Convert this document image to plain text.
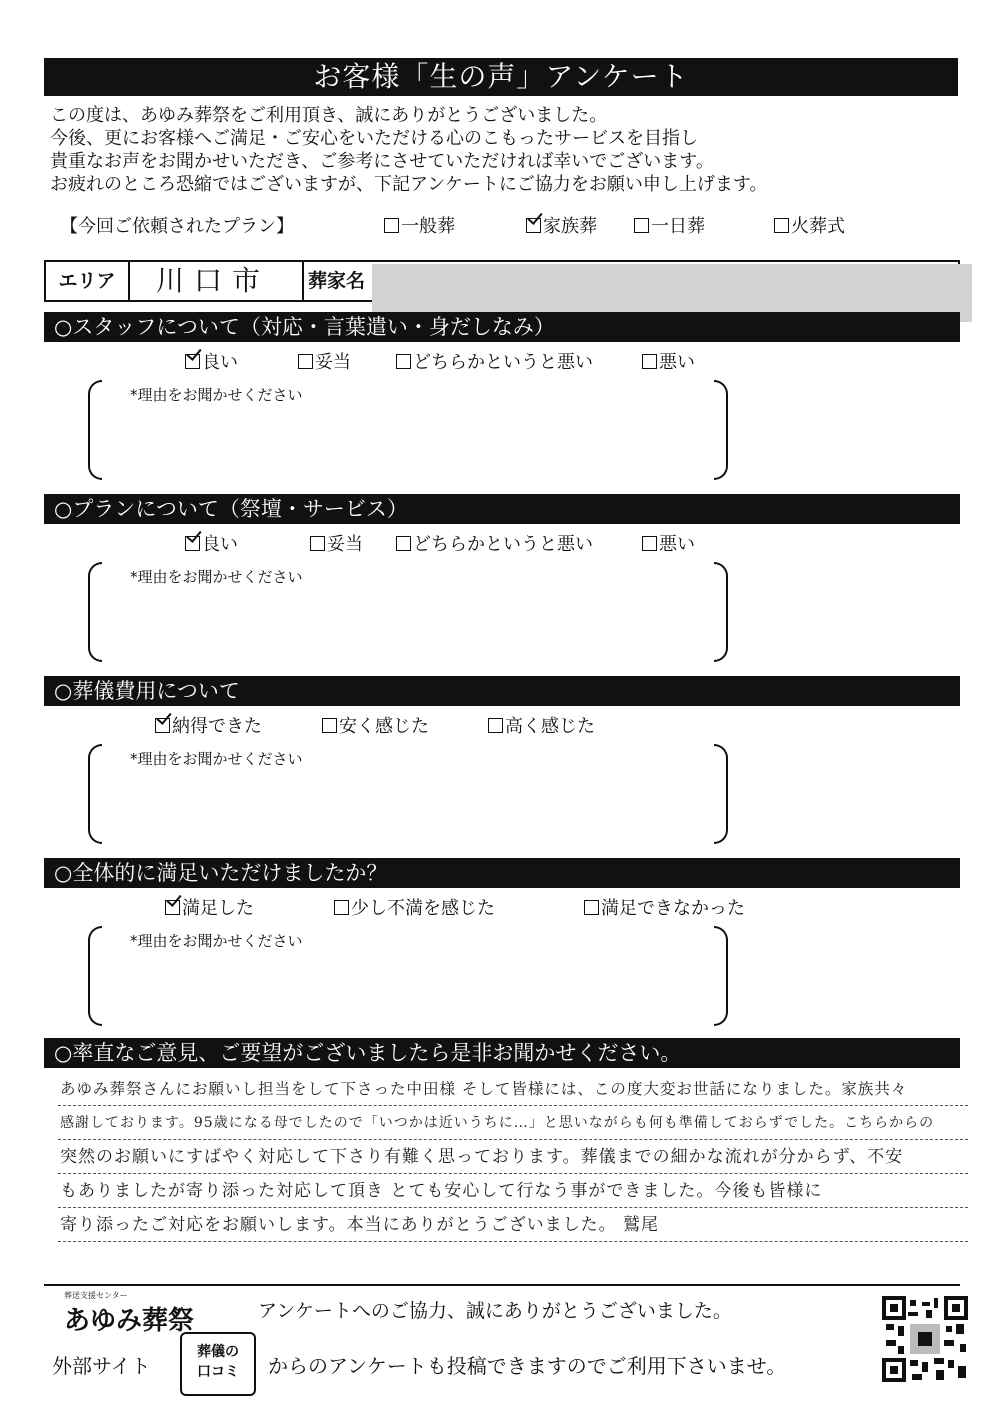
お客様「生の声」アンケート
この度は、あゆみ葬祭をご利用頂き、誠にありがとうございました。
今後、更にお客様へご満足・ご安心をいただける心のこもったサービスを目指し
貴重なお声をお聞かせいただき、ご参考にさせていただければ幸いでございます。
お疲れのところ恐縮ではございますが、下記アンケートにご協力をお願い申し上げます。
【今回ご依頼されたプラン】	一般葬	家族葬	一日葬	火葬式
エリア	川口市	葬家名
○スタッフについて（対応・言葉遣い・身だしなみ）
良い	妥当	どちらかというと悪い	悪い
*理由をお聞かせください
○プランについて（祭壇・サービス）
良い	妥当	どちらかというと悪い	悪い
*理由をお聞かせください
○葬儀費用について
納得できた	安く感じた	高く感じた
*理由をお聞かせください
○全体的に満足いただけましたか？
満足した	少し不満を感じた	満足できなかった
*理由をお聞かせください
○率直なご意見、ご要望がございましたら是非お聞かせください。
あゆみ葬祭さんにお願いし担当をして下さった中田様 そして皆様には、この度大変お世話になりました。家族共々
感謝しております。95歳になる母でしたので「いつかは近いうちに…」と思いながらも何も準備しておらずでした。こちらからの
突然のお願いにすばやく対応して下さり有難く思っております。葬儀までの細かな流れが分からず、不安
もありましたが寄り添った対応して頂き とても安心して行なう事ができました。今後も皆様に
寄り添ったご対応をお願いします。本当にありがとうございました。 鷲尾
葬送支援センター
あゆみ葬祭	アンケートへのご協力、誠にありがとうございました。
外部サイト
葬儀の
口コミ	からのアンケートも投稿できますのでご利用下さいませ。
